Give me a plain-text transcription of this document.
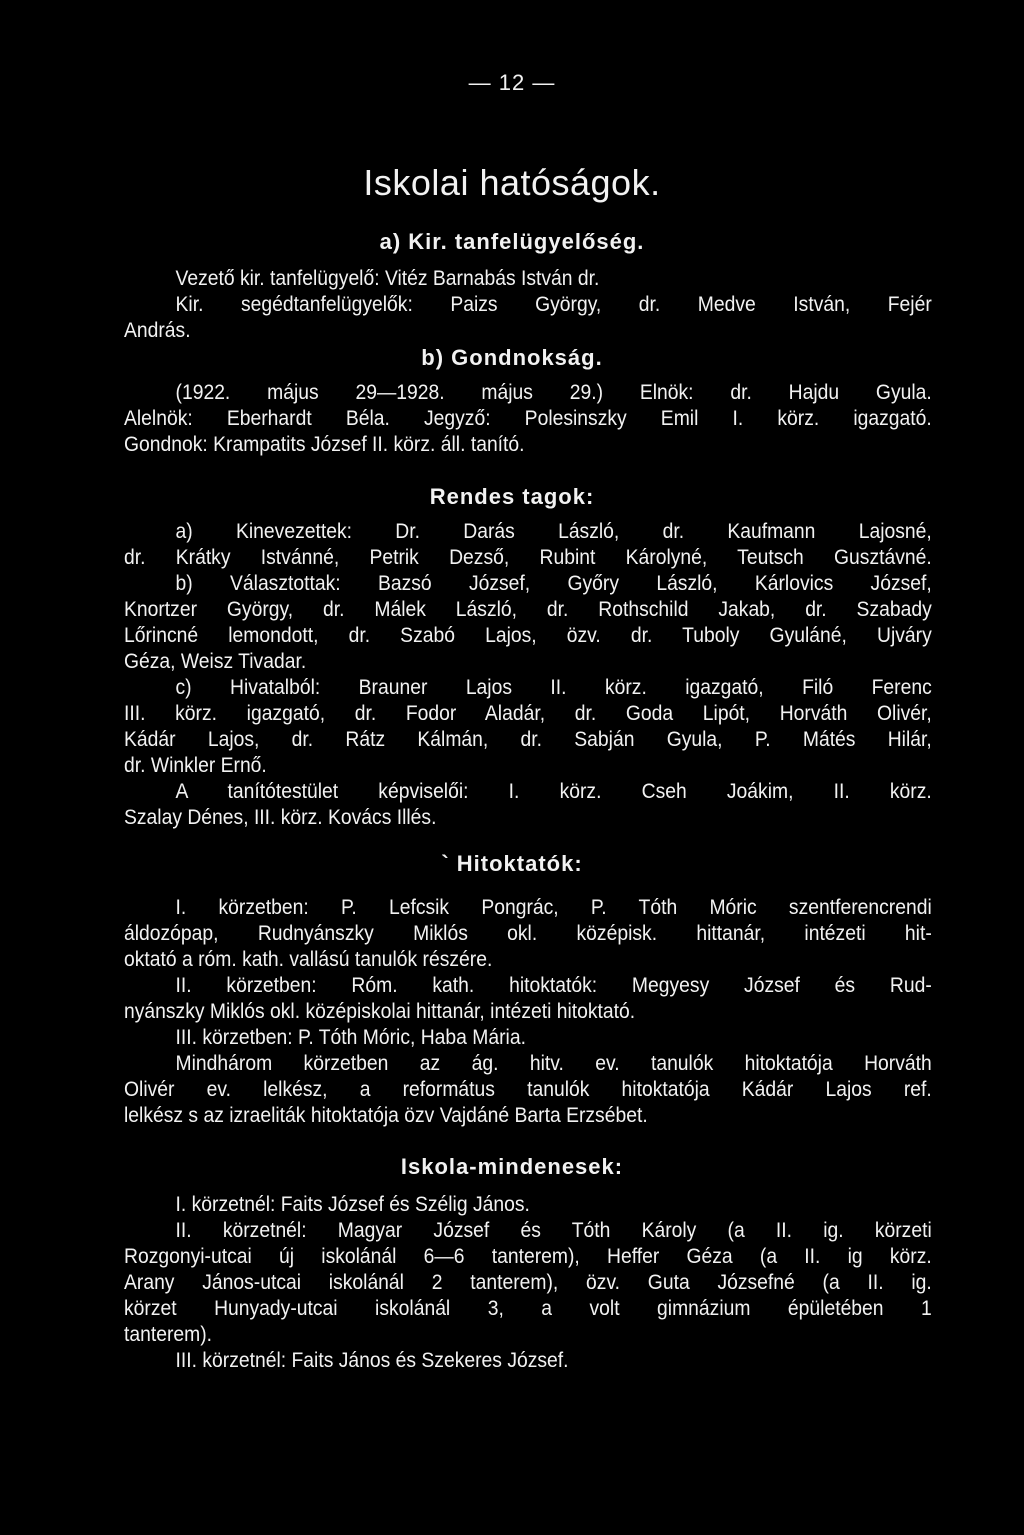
— 12 —
Iskolai hatóságok.
a) Kir. tanfelügyelőség.
Vezető kir. tanfelügyelő: Vitéz Barnabás István dr.
Kir. segédtanfelügyelők: Paizs György, dr. Medve István, Fejér
András.
b) Gondnokság.
(1922. május 29—1928. május 29.) Elnök: dr. Hajdu Gyula.
Alelnök: Eberhardt Béla. Jegyző: Polesinszky Emil I. körz. igazgató.
Gondnok: Krampatits József II. körz. áll. tanító.
Rendes tagok:
a) Kinevezettek: Dr. Darás László, dr. Kaufmann Lajosné,
dr. Krátky Istvánné, Petrik Dezső, Rubint Károlyné, Teutsch Gusztávné.
b) Választottak: Bazsó József, Győry László, Kárlovics József,
Knortzer György, dr. Málek László, dr. Rothschild Jakab, dr. Szabady
Lőrincné lemondott, dr. Szabó Lajos, özv. dr. Tuboly Gyuláné, Ujváry
Géza, Weisz Tivadar.
c) Hivatalból: Brauner Lajos II. körz. igazgató, Filó Ferenc
III. körz. igazgató, dr. Fodor Aladár, dr. Goda Lipót, Horváth Olivér,
Kádár Lajos, dr. Rátz Kálmán, dr. Sabján Gyula, P. Mátés Hilár,
dr. Winkler Ernő.
A tanítótestület képviselői: I. körz. Cseh Joákim, II. körz.
Szalay Dénes, III. körz. Kovács Illés.
` Hitoktatók:
I. körzetben: P. Lefcsik Pongrác, P. Tóth Móric szentferencrendi
áldozópap, Rudnyánszky Miklós okl. középisk. hittanár, intézeti hit-
oktató a róm. kath. vallású tanulók részére.
II. körzetben: Róm. kath. hitoktatók: Megyesy József és Rud-
nyánszky Miklós okl. középiskolai hittanár, intézeti hitoktató.
III. körzetben: P. Tóth Móric, Haba Mária.
Mindhárom körzetben az ág. hitv. ev. tanulók hitoktatója Horváth
Olivér ev. lelkész, a református tanulók hitoktatója Kádár Lajos ref.
lelkész s az izraeliták hitoktatója özv Vajdáné Barta Erzsébet.
Iskola-mindenesek:
I. körzetnél: Faits József és Szélig János.
II. körzetnél: Magyar József és Tóth Károly (a II. ig. körzeti
Rozgonyi-utcai új iskolánál 6—6 tanterem), Heffer Géza (a II. ig körz.
Arany János-utcai iskolánál 2 tanterem), özv. Guta Józsefné (a II. ig.
körzet Hunyady-utcai iskolánál 3, a volt gimnázium épületében 1
tanterem).
III. körzetnél: Faits János és Szekeres József.
